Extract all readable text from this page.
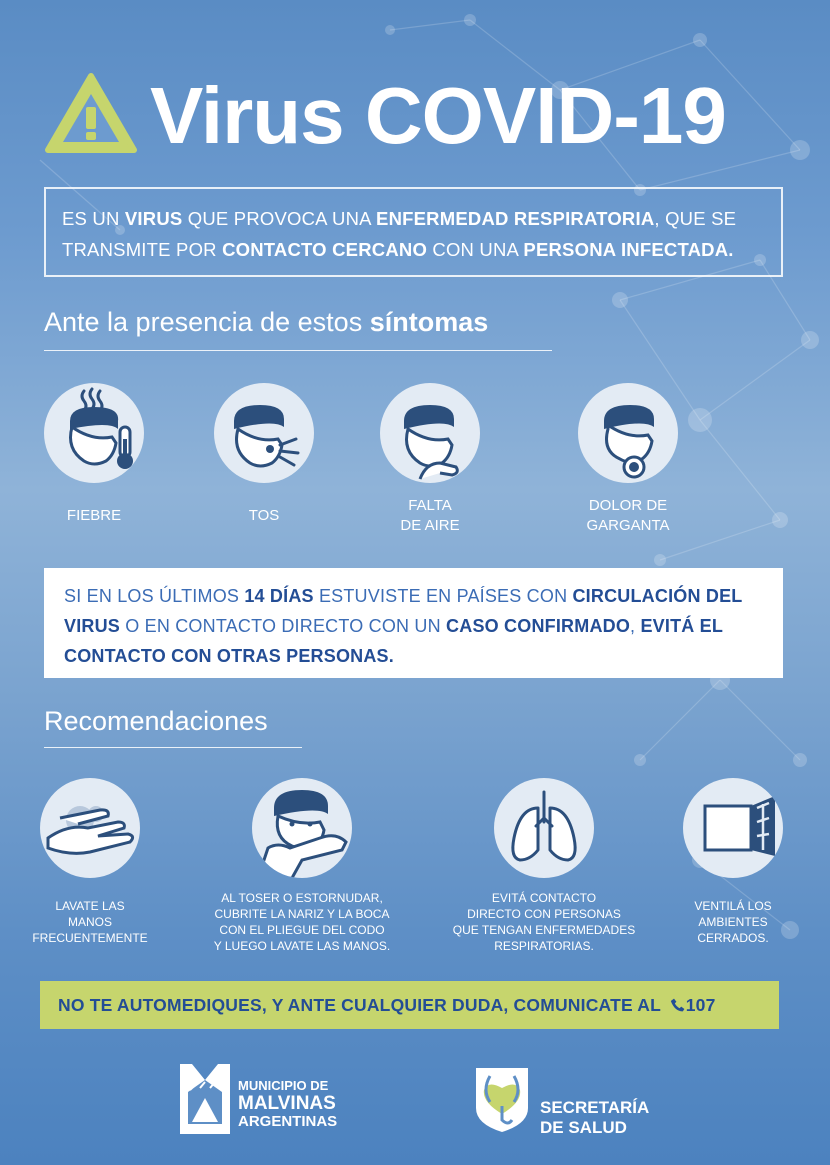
Virus COVID-19
ES UN VIRUS QUE PROVOCA UNA ENFERMEDAD RESPIRATORIA, QUE SE TRANSMITE POR CONTACTO CERCANO CON UNA PERSONA INFECTADA.
Ante la presencia de estos síntomas
FIEBRE	TOS
FALTA
DE AIRE
DOLOR DE
GARGANTA
SI EN LOS ÚLTIMOS 14 DÍAS ESTUVISTE EN PAÍSES CON CIRCULACIÓN DEL VIRUS O EN CONTACTO DIRECTO CON UN CASO CONFIRMADO, EVITÁ EL CONTACTO CON OTRAS PERSONAS.
Recomendaciones
LAVATE LAS
MANOS
FRECUENTEMENTE
AL TOSER O ESTORNUDAR,
CUBRITE LA NARIZ Y LA BOCA
CON EL PLIEGUE DEL CODO
Y LUEGO LAVATE LAS MANOS.
EVITÁ CONTACTO
DIRECTO CON PERSONAS
QUE TENGAN ENFERMEDADES
RESPIRATORIAS.
VENTILÁ LOS
AMBIENTES
CERRADOS.
NO TE AUTOMEDIQUES, Y ANTE CUALQUIER DUDA, COMUNICATE AL 107
MUNICIPIO DE
MALVINAS
ARGENTINAS
SECRETARÍA
DE SALUD
